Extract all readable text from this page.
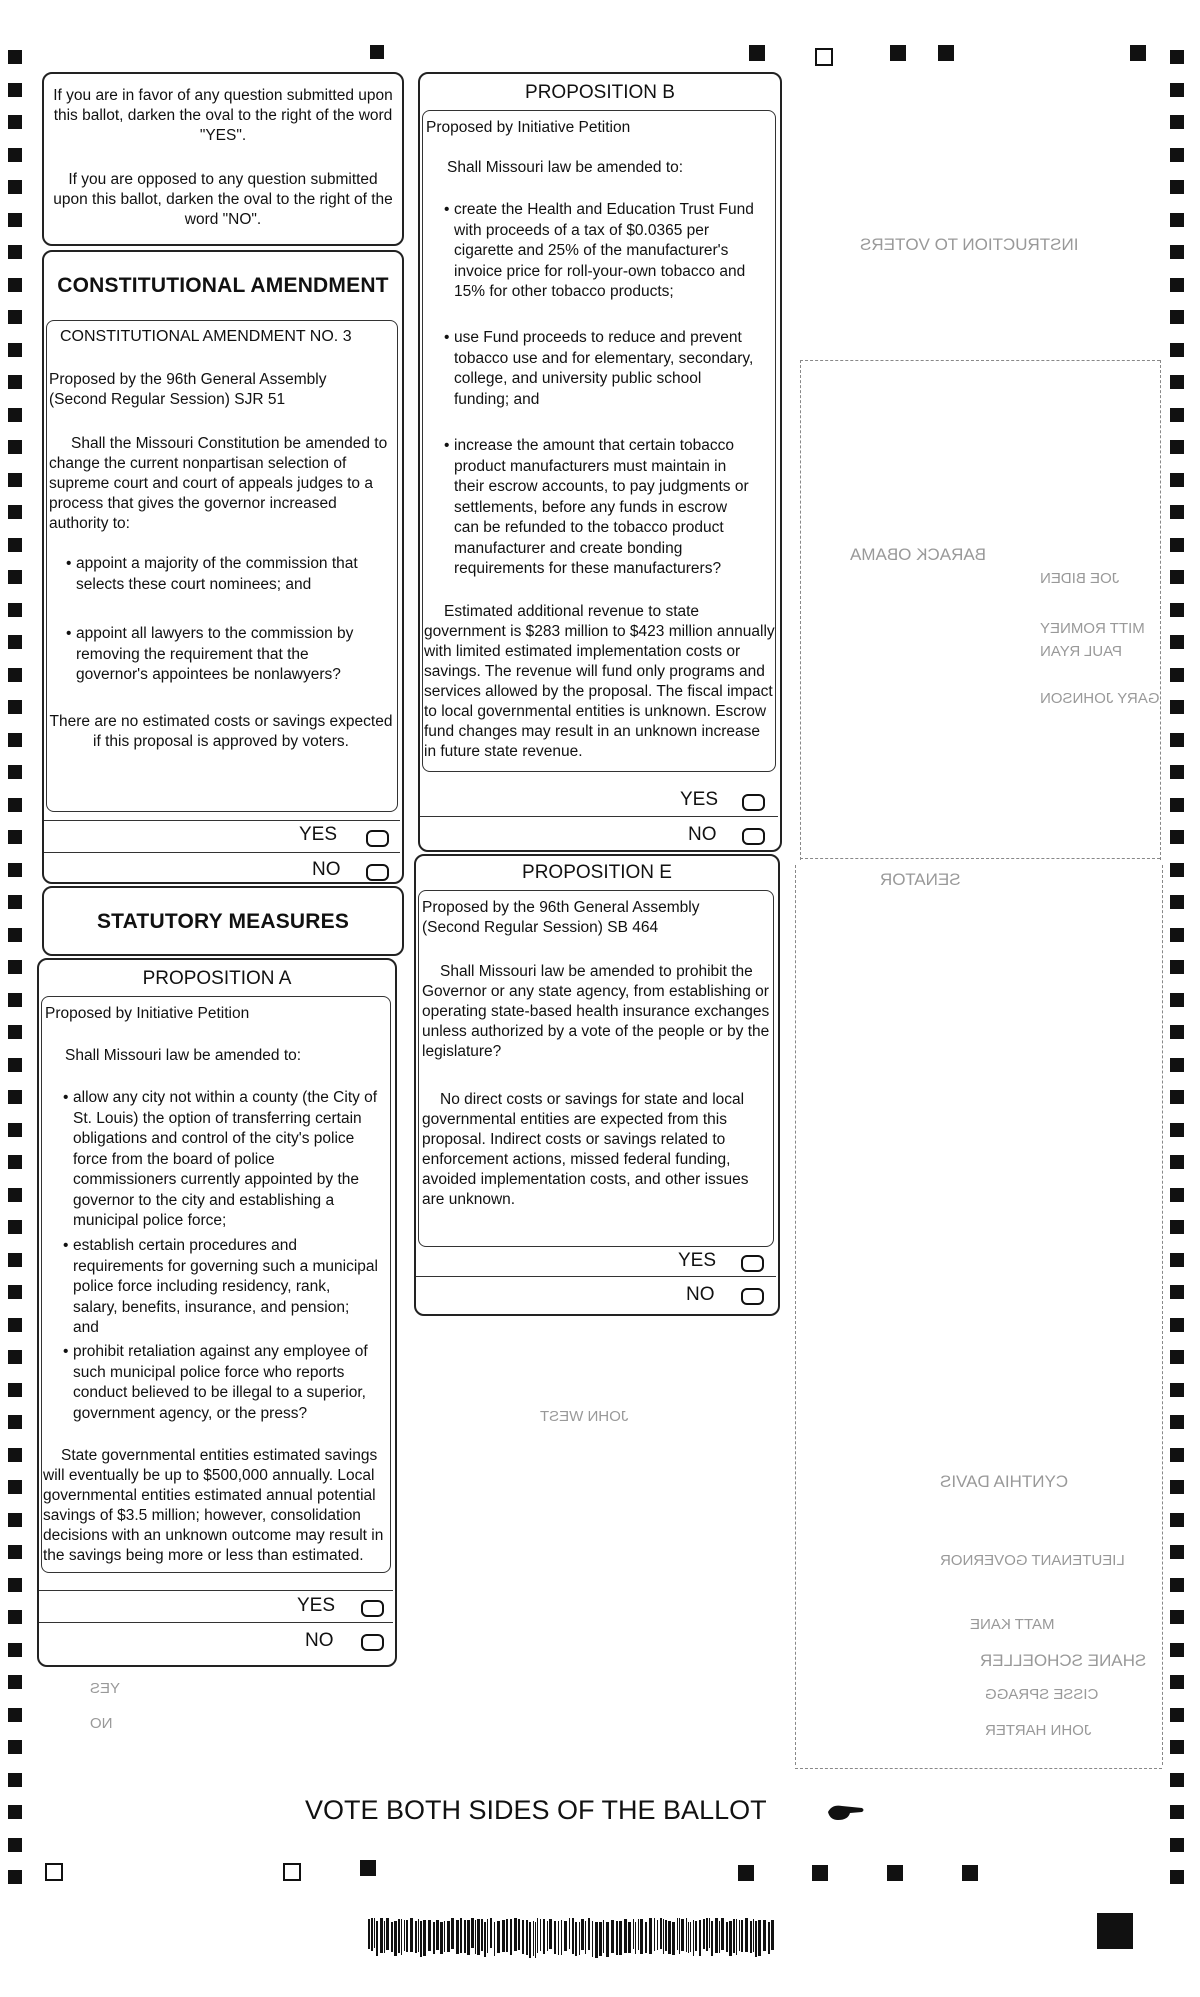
INSTRUCTION TO VOTERS
BARACK OBAMA
JOE BIDEN
MITT ROMNEY
PAUL RYAN
GARY JOHNSON
SENATOR
CYNTHIA DAVIS
LIEUTENANT GOVERNOR
MATT KANE
SHANE SCHOELLER
CISSE SPRAGG
JOHN HARTER
JOHN WEST
YES
NO
If you are in favor of any question submitted upon this ballot, darken the oval to the right of the word "YES".
If you are opposed to any question submitted upon this ballot, darken the oval to the right of the word "NO".
CONSTITUTIONAL AMENDMENT
CONSTITUTIONAL AMENDMENT NO. 3
Proposed by the 96th General Assembly (Second Regular Session) SJR 51
Shall the Missouri Constitution be amended to change the current nonpartisan selection of supreme court and court of appeals judges to a process that gives the governor increased authority to:
• appoint a majority of the commission that selects these court nominees; and
• appoint all lawyers to the commission by removing the requirement that the governor's appointees be nonlawyers?
There are no estimated costs or savings expected if this proposal is approved by voters.
YES
NO
STATUTORY MEASURES
PROPOSITION A
Proposed by Initiative Petition
Shall Missouri law be amended to:
• allow any city not within a county (the City of St. Louis) the option of transferring certain obligations and control of the city's police force from the board of police commissioners currently appointed by the governor to the city and establishing a municipal police force;
• establish certain procedures and requirements for governing such a municipal police force including residency, rank, salary, benefits, insurance, and pension; and
• prohibit retaliation against any employee of such municipal police force who reports conduct believed to be illegal to a superior, government agency, or the press?
State governmental entities estimated savings will eventually be up to $500,000 annually. Local governmental entities estimated annual potential savings of $3.5 million; however, consolidation decisions with an unknown outcome may result in the savings being more or less than estimated.
YES
NO
PROPOSITION B
Proposed by Initiative Petition
Shall Missouri law be amended to:
• create the Health and Education Trust Fund with proceeds of a tax of $0.0365 per cigarette and 25% of the manufacturer's invoice price for roll-your-own tobacco and 15% for other tobacco products;
• use Fund proceeds to reduce and prevent tobacco use and for elementary, secondary, college, and university public school funding; and
• increase the amount that certain tobacco product manufacturers must maintain in their escrow accounts, to pay judgments or settlements, before any funds in escrow can be refunded to the tobacco product manufacturer and create bonding requirements for these manufacturers?
Estimated additional revenue to state government is $283 million to $423 million annually with limited estimated implementation costs or savings. The revenue will fund only programs and services allowed by the proposal. The fiscal impact to local governmental entities is unknown. Escrow fund changes may result in an unknown increase in future state revenue.
YES
NO
PROPOSITION E
Proposed by the 96th General Assembly (Second Regular Session) SB 464
Shall Missouri law be amended to prohibit the Governor or any state agency, from establishing or operating state-based health insurance exchanges unless authorized by a vote of the people or by the legislature?
No direct costs or savings for state and local governmental entities are expected from this proposal. Indirect costs or savings related to enforcement actions, missed federal funding, avoided implementation costs, and other issues are unknown.
YES
NO
VOTE BOTH SIDES OF THE BALLOT
